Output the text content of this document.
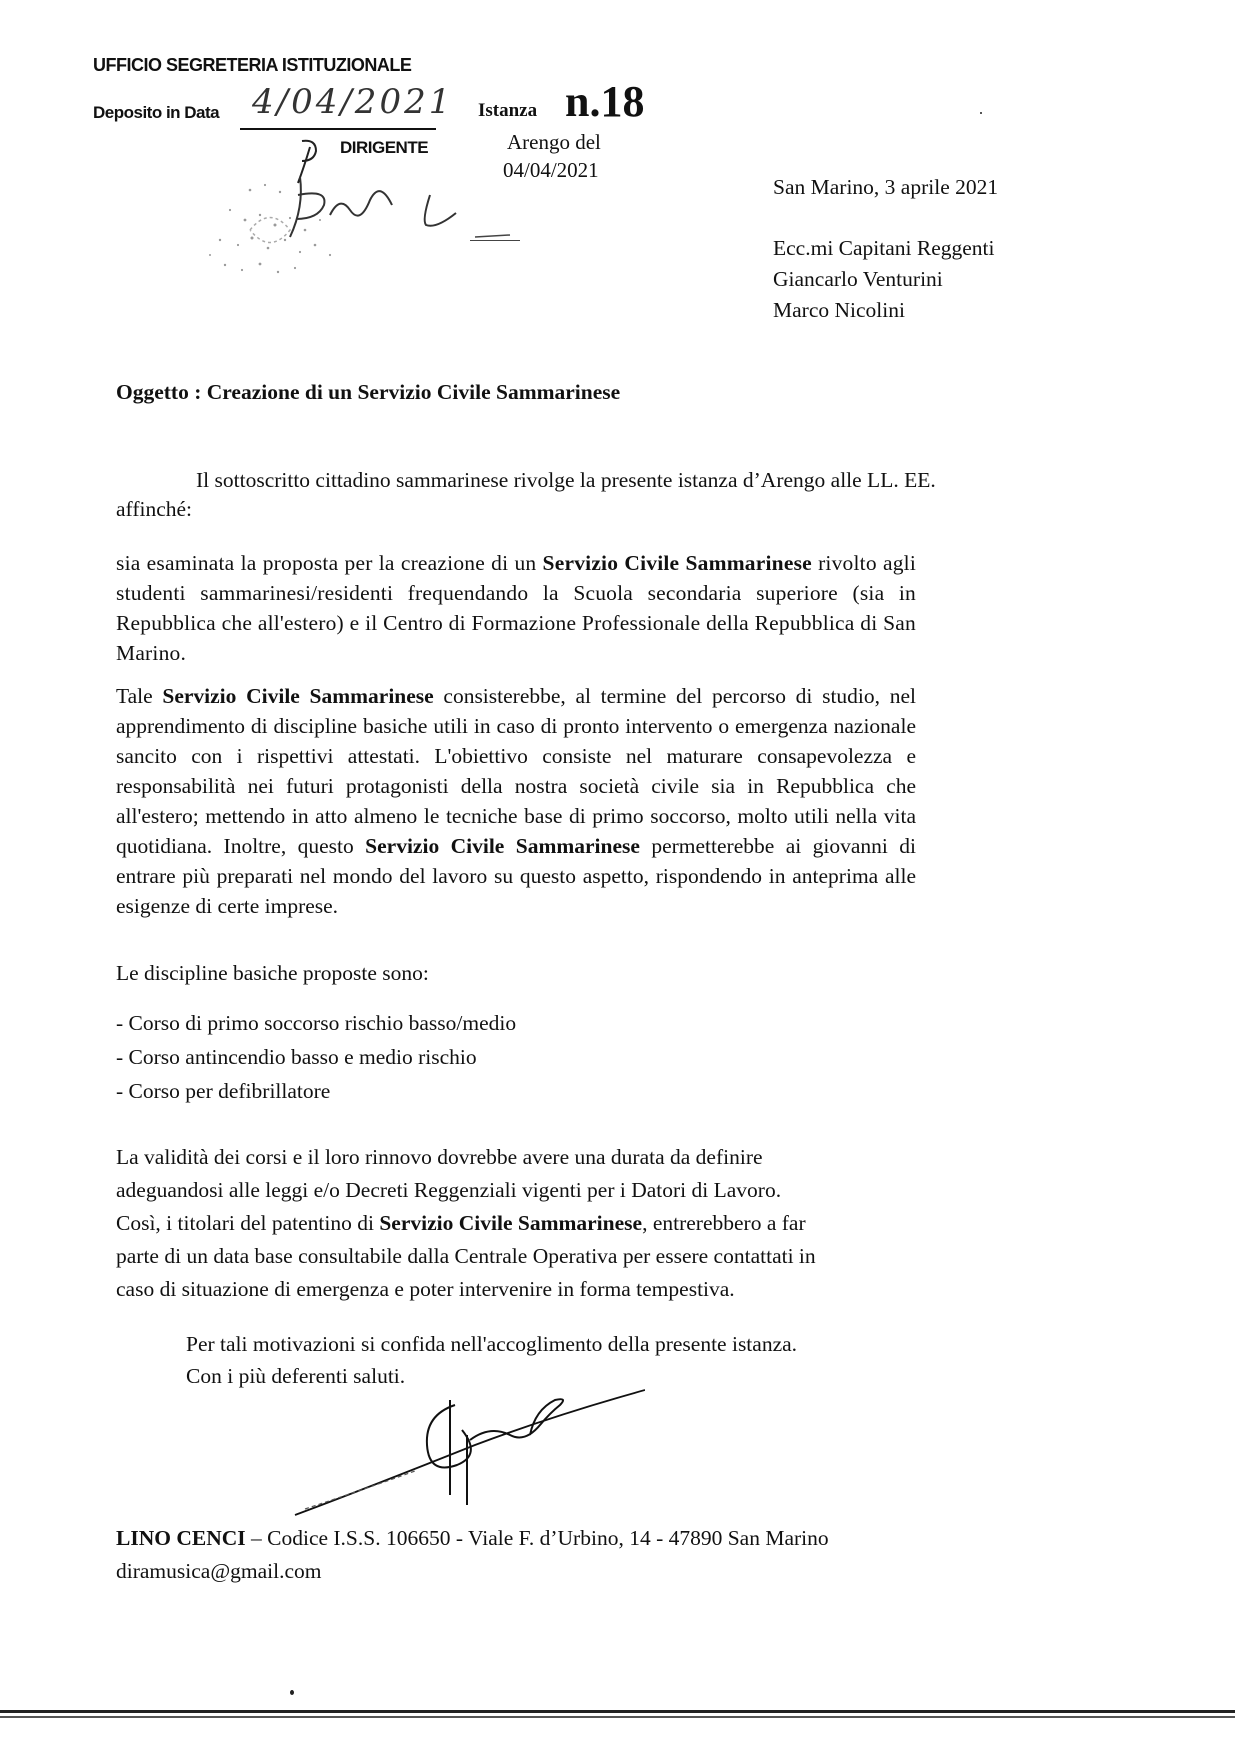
UFFICIO SEGRETERIA ISTITUZIONALE
Deposito in Data 4/04/2021 Istanza n.18
DIRIGENTE	Arengo del
04/04/2021
San Marino, 3 aprile 2021
Ecc.mi Capitani Reggenti
Giancarlo Venturini
Marco Nicolini
Oggetto : Creazione di un Servizio Civile Sammarinese
Il sottoscritto cittadino sammarinese rivolge la presente istanza d’Arengo alle LL. EE.
affinché:
sia esaminata la proposta per la creazione di un Servizio Civile Sammarinese rivolto agli studenti sammarinesi/residenti frequendando la Scuola secondaria superiore (sia in Repubblica che all'estero) e il Centro di Formazione Professionale della Repubblica di San Marino.
Tale Servizio Civile Sammarinese consisterebbe, al termine del percorso di studio, nel apprendimento di discipline basiche utili in caso di pronto intervento o emergenza nazionale sancito con i rispettivi attestati. L'obiettivo consiste nel maturare consapevolezza e responsabilità nei futuri protagonisti della nostra società civile sia in Repubblica che all'estero; mettendo in atto almeno le tecniche base di primo soccorso, molto utili nella vita quotidiana. Inoltre, questo Servizio Civile Sammarinese permetterebbe ai giovanni di entrare più preparati nel mondo del lavoro su questo aspetto, rispondendo in anteprima alle esigenze di certe imprese.
Le discipline basiche proposte sono:
- Corso di primo soccorso rischio basso/medio
- Corso antincendio basso e medio rischio
- Corso per defibrillatore
La validità dei corsi e il loro rinnovo dovrebbe avere una durata da definire
adeguandosi alle leggi e/o Decreti Reggenziali vigenti per i Datori di Lavoro.
Così, i titolari del patentino di Servizio Civile Sammarinese, entrerebbero a far
parte di un data base consultabile dalla Centrale Operativa per essere contattati in
caso di situazione di emergenza e poter intervenire in forma tempestiva.
Per tali motivazioni si confida nell'accoglimento della presente istanza.
Con i più deferenti saluti.
LINO CENCI – Codice I.S.S. 106650 - Viale F. d’Urbino, 14 - 47890 San Marino
diramusica@gmail.com
